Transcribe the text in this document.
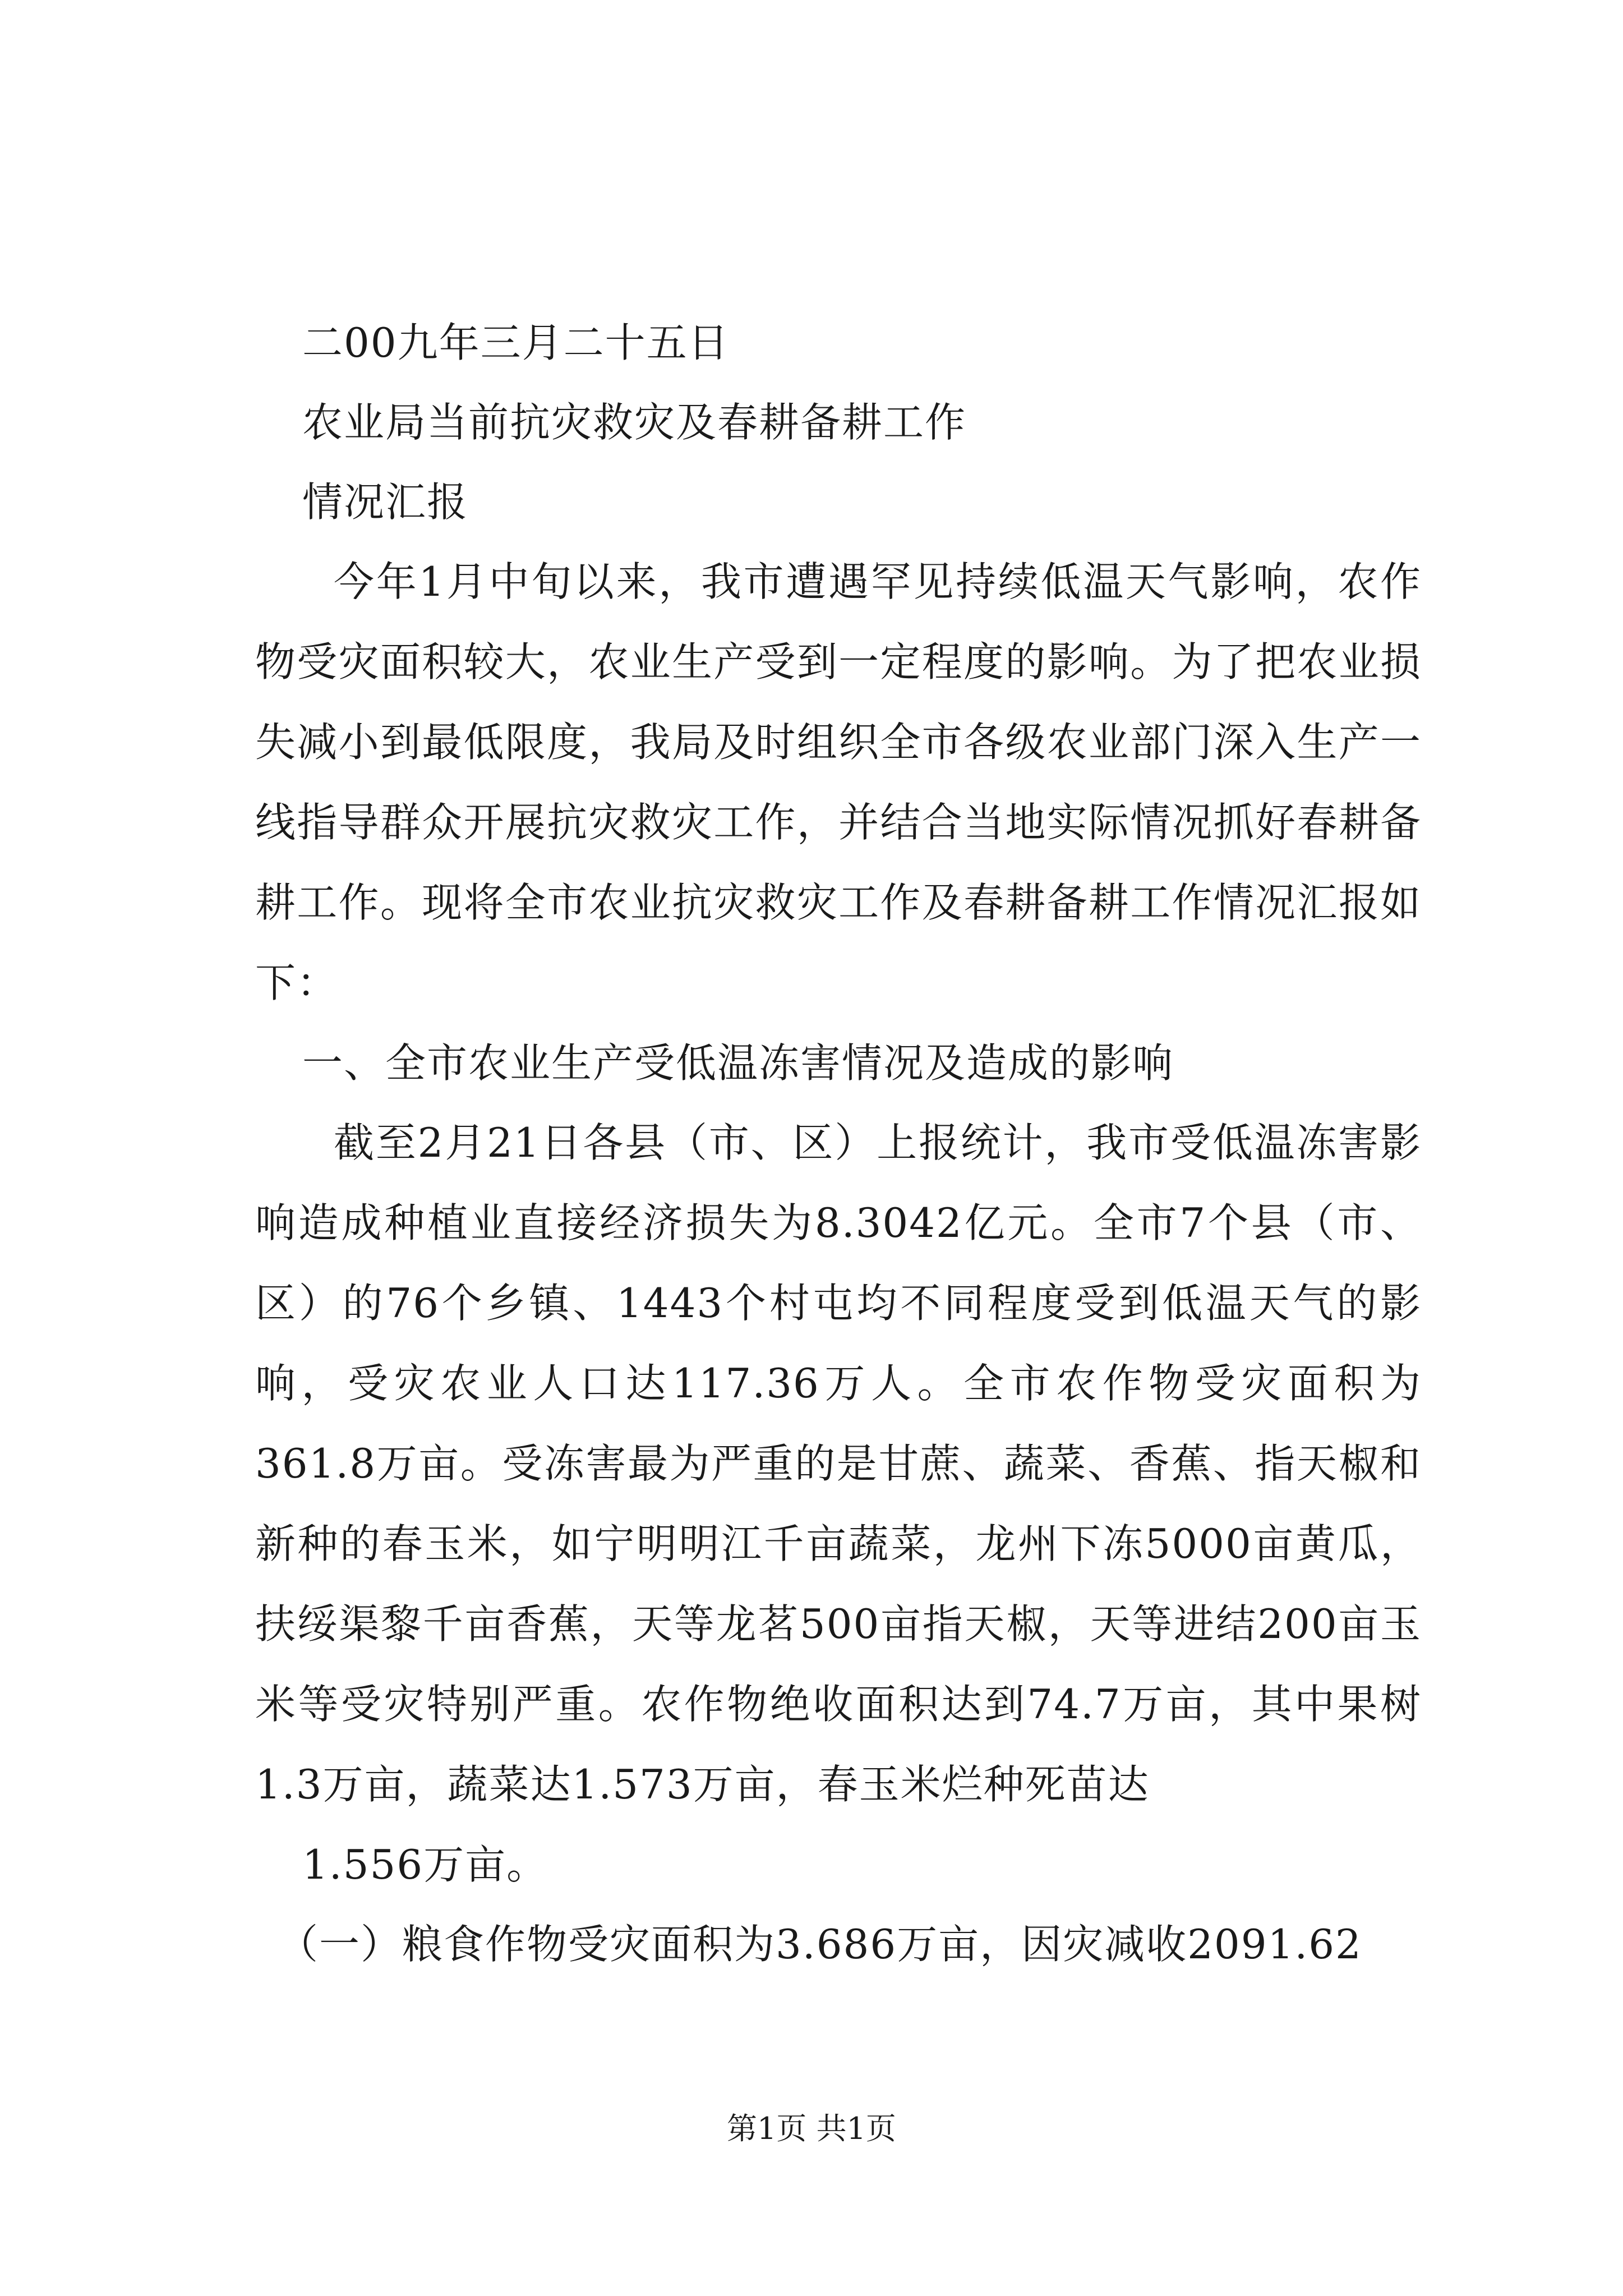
二00九年三月二十五日
农业局当前抗灾救灾及春耕备耕工作
情况汇报

今年1月中旬以来，我市遭遇罕见持续低温天气影响，农作物受灾面积较大，农业生产受到一定程度的影响。为了把农业损失减小到最低限度，我局及时组织全市各级农业部门深入生产一线指导群众开展抗灾救灾工作，并结合当地实际情况抓好春耕备耕工作。现将全市农业抗灾救灾工作及春耕备耕工作情况汇报如下：

一、全市农业生产受低温冻害情况及造成的影响

截至2月21日各县（市、区）上报统计，我市受低温冻害影响造成种植业直接经济损失为8.3042亿元。全市7个县（市、区）的76个乡镇、1443个村屯均不同程度受到低温天气的影响，受灾农业人口达117.36万人。全市农作物受灾面积为361.8万亩。受冻害最为严重的是甘蔗、蔬菜、香蕉、指天椒和新种的春玉米，如宁明明江千亩蔬菜，龙州下冻5000亩黄瓜，扶绥渠黎千亩香蕉，天等龙茗500亩指天椒，天等进结200亩玉米等受灾特别严重。农作物绝收面积达到74.7万亩，其中果树1.3万亩，蔬菜达1.573万亩，春玉米烂种死苗达

1.556万亩。
（一）粮食作物受灾面积为3.686万亩，因灾减收2091.62
第1页 共1页
